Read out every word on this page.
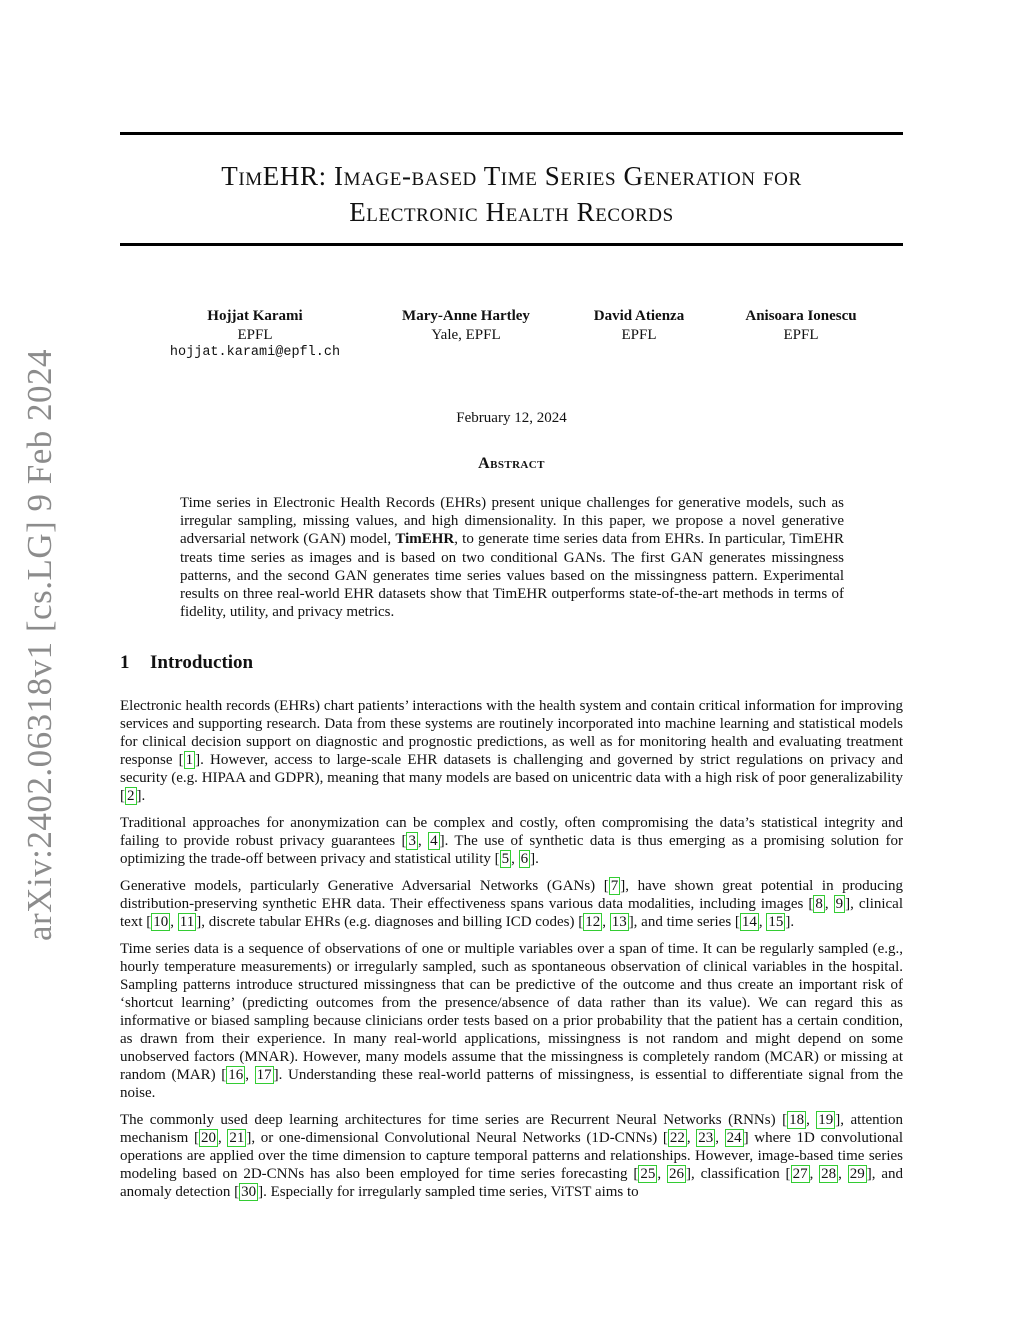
arXiv:2402.06318v1 [cs.LG] 9 Feb 2024
TimEHR: Image-based Time Series Generation for
Electronic Health Records
Hojjat Karami
EPFL
hojjat.karami@epfl.ch
Mary-Anne Hartley
Yale, EPFL
David Atienza
EPFL
Anisoara Ionescu
EPFL
February 12, 2024
Abstract
Time series in Electronic Health Records (EHRs) present unique challenges for generative models, such as irregular sampling, missing values, and high dimensionality. In this paper, we propose a novel generative adversarial network (GAN) model, TimEHR, to generate time series data from EHRs. In particular, TimEHR treats time series as images and is based on two conditional GANs. The first GAN generates missingness patterns, and the second GAN generates time series values based on the missingness pattern. Experimental results on three real-world EHR datasets show that TimEHR outperforms state-of-the-art methods in terms of fidelity, utility, and privacy metrics.
1 Introduction

Electronic health records (EHRs) chart patients’ interactions with the health system and contain critical information for improving services and supporting research. Data from these systems are routinely incorporated into machine learning and statistical models for clinical decision support on diagnostic and prognostic predictions, as well as for monitoring health and evaluating treatment response [ 1 ]. However, access to large-scale EHR datasets is challenging and governed by strict regulations on privacy and security (e.g. HIPAA and GDPR), meaning that many models are based on unicentric data with a high risk of poor generalizability [ 2 ].

Traditional approaches for anonymization can be complex and costly, often compromising the data’s statistical integrity and failing to provide robust privacy guarantees [ 3 , 4 ]. The use of synthetic data is thus emerging as a promising solution for optimizing the trade-off between privacy and statistical utility [ 5 , 6 ].

Generative models, particularly Generative Adversarial Networks (GANs) [ 7 ], have shown great potential in producing distribution-preserving synthetic EHR data. Their effectiveness spans various data modalities, including images [ 8 , 9 ], clinical text [ 10 , 11 ], discrete tabular EHRs (e.g. diagnoses and billing ICD codes) [ 12 , 13 ], and time series [ 14 , 15 ].

Time series data is a sequence of observations of one or multiple variables over a span of time. It can be regularly sampled (e.g., hourly temperature measurements) or irregularly sampled, such as spontaneous observation of clinical variables in the hospital. Sampling patterns introduce structured missingness that can be predictive of the outcome and thus create an important risk of ‘shortcut learning’ (predicting outcomes from the presence/absence of data rather than its value). We can regard this as informative or biased sampling because clinicians order tests based on a prior probability that the patient has a certain condition, as drawn from their experience. In many real-world applications, missingness is not random and might depend on some unobserved factors (MNAR). However, many models assume that the missingness is completely random (MCAR) or missing at random (MAR) [ 16 , 17 ]. Understanding these real-world patterns of missingness, is essential to differentiate signal from the noise.

The commonly used deep learning architectures for time series are Recurrent Neural Networks (RNNs) [ 18 , 19 ], attention mechanism [ 20 , 21 ], or one-dimensional Convolutional Neural Networks (1D-CNNs) [ 22 , 23 , 24 ] where 1D convolutional operations are applied over the time dimension to capture temporal patterns and relationships. However, image-based time series modeling based on 2D-CNNs has also been employed for time series forecasting [ 25 , 26 ], classification [ 27 , 28 , 29 ], and anomaly detection [ 30 ]. Especially for irregularly sampled time series, ViTST aims to
